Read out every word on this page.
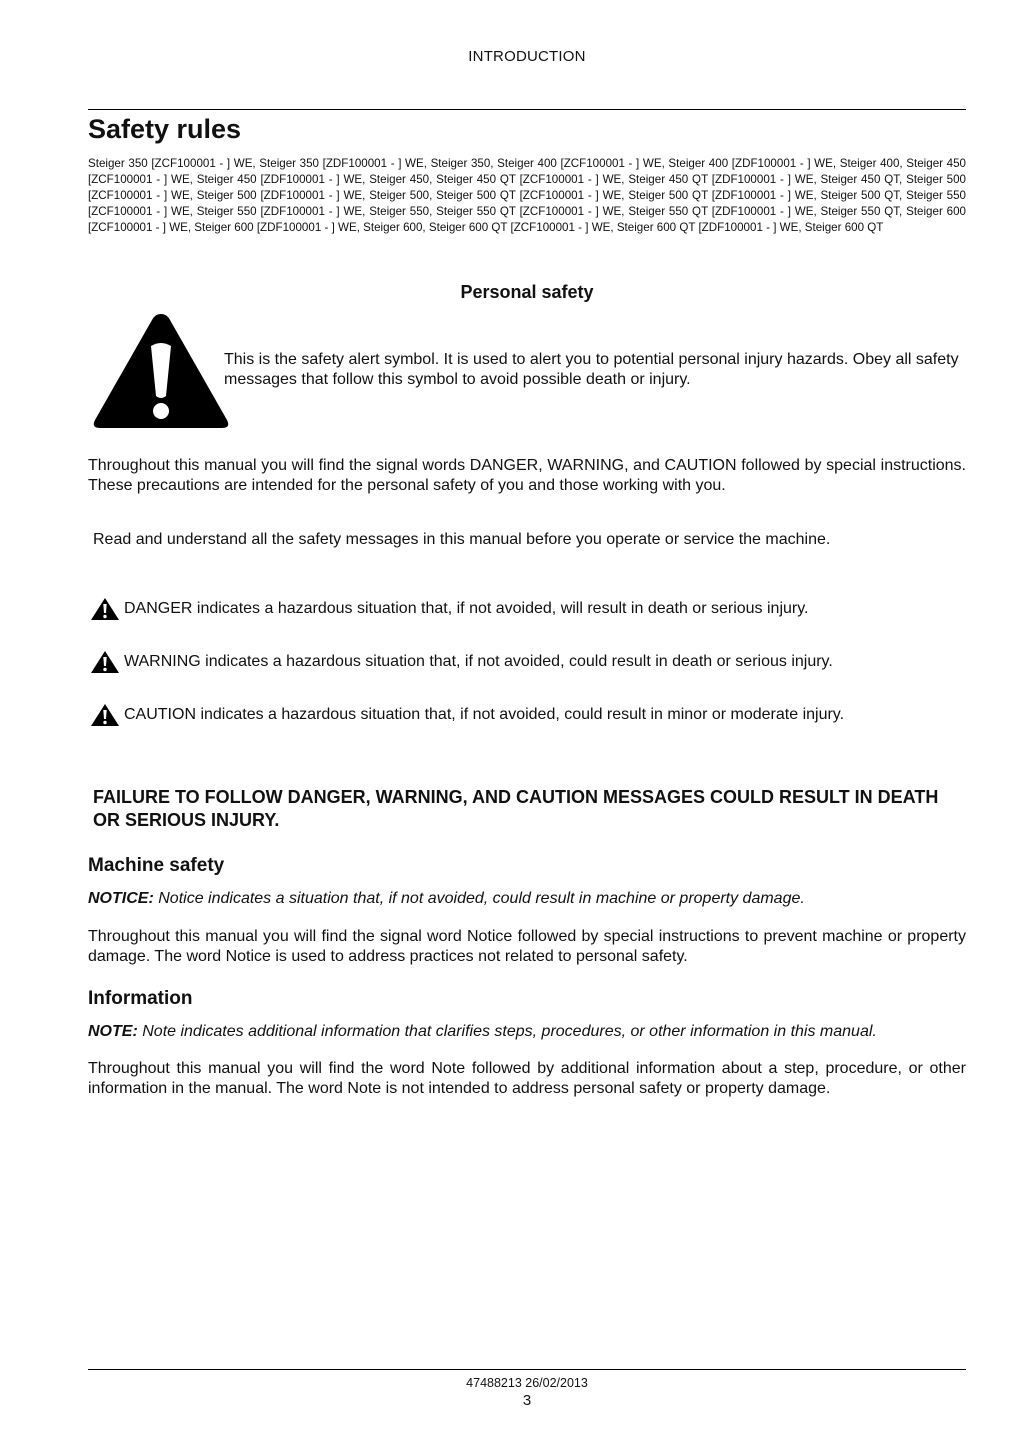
INTRODUCTION
Safety rules
Steiger 350 [ZCF100001 - ] WE, Steiger 350 [ZDF100001 - ] WE, Steiger 350, Steiger 400 [ZCF100001 - ] WE, Steiger 400 [ZDF100001 - ] WE, Steiger 400, Steiger 450 [ZCF100001 - ] WE, Steiger 450 [ZDF100001 - ] WE, Steiger 450, Steiger 450 QT [ZCF100001 - ] WE, Steiger 450 QT [ZDF100001 - ] WE, Steiger 450 QT, Steiger 500 [ZCF100001 - ] WE, Steiger 500 [ZDF100001 - ] WE, Steiger 500, Steiger 500 QT [ZCF100001 - ] WE, Steiger 500 QT [ZDF100001 - ] WE, Steiger 500 QT, Steiger 550 [ZCF100001 - ] WE, Steiger 550 [ZDF100001 - ] WE, Steiger 550, Steiger 550 QT [ZCF100001 - ] WE, Steiger 550 QT [ZDF100001 - ] WE, Steiger 550 QT, Steiger 600 [ZCF100001 - ] WE, Steiger 600 [ZDF100001 - ] WE, Steiger 600, Steiger 600 QT [ZCF100001 - ] WE, Steiger 600 QT [ZDF100001 - ] WE, Steiger 600 QT
Personal safety
This is the safety alert symbol. It is used to alert you to potential personal injury hazards. Obey all safety messages that follow this symbol to avoid possible death or injury.
Throughout this manual you will find the signal words DANGER, WARNING, and CAUTION followed by special instructions. These precautions are intended for the personal safety of you and those working with you.
Read and understand all the safety messages in this manual before you operate or service the machine.
DANGER indicates a hazardous situation that, if not avoided, will result in death or serious injury.
WARNING indicates a hazardous situation that, if not avoided, could result in death or serious injury.
CAUTION indicates a hazardous situation that, if not avoided, could result in minor or moderate injury.
FAILURE TO FOLLOW DANGER, WARNING, AND CAUTION MESSAGES COULD RESULT IN DEATH OR SERIOUS INJURY.
Machine safety
NOTICE: Notice indicates a situation that, if not avoided, could result in machine or property damage.
Throughout this manual you will find the signal word Notice followed by special instructions to prevent machine or property damage. The word Notice is used to address practices not related to personal safety.
Information
NOTE: Note indicates additional information that clarifies steps, procedures, or other information in this manual.
Throughout this manual you will find the word Note followed by additional information about a step, procedure, or other information in the manual. The word Note is not intended to address personal safety or property damage.
47488213 26/02/2013
3
